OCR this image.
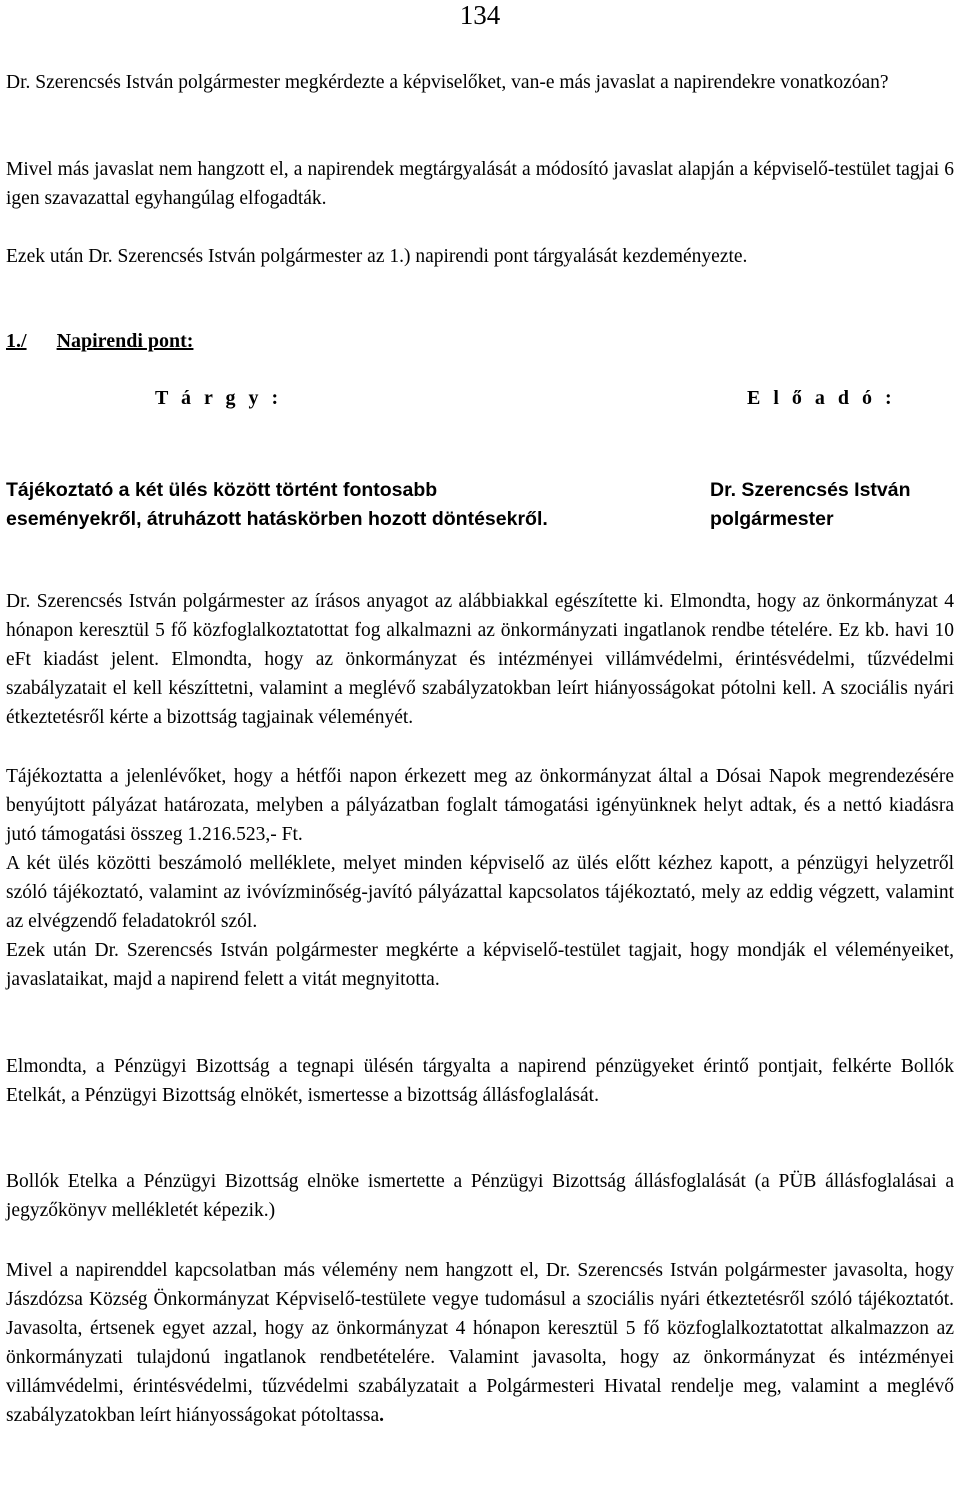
134

Dr. Szerencsés István polgármester megkérdezte a képviselőket, van-e más javaslat a napirendekre vonatkozóan?

Mivel más javaslat nem hangzott el, a napirendek megtárgyalását a módosító javaslat alapján a képviselő-testület tagjai 6 igen szavazattal egyhangúlag elfogadták.

Ezek után Dr. Szerencsés István polgármester az 1.) napirendi pont tárgyalását kezdeményezte.

1./ Napirendi pont:
T á r g y :	E l ő a d ó :
Tájékoztató a két ülés között történt fontosabb
eseményekről, átruházott hatáskörben hozott döntésekről.
Dr. Szerencsés István
polgármester

Dr. Szerencsés István polgármester az írásos anyagot az alábbiakkal egészítette ki. Elmondta, hogy az önkormányzat 4 hónapon keresztül 5 fő közfoglalkoztatottat fog alkalmazni az önkormányzati ingatlanok rendbe tételére. Ez kb. havi 10 eFt kiadást jelent. Elmondta, hogy az önkormányzat és intézményei villámvédelmi, érintésvédelmi, tűzvédelmi szabályzatait el kell készíttetni, valamint a meglévő szabályzatokban leírt hiányosságokat pótolni kell. A szociális nyári étkeztetésről kérte a bizottság tagjainak véleményét.

Tájékoztatta a jelenlévőket, hogy a hétfői napon érkezett meg az önkormányzat által a Dósai Napok megrendezésére benyújtott pályázat határozata, melyben a pályázatban foglalt támogatási igényünknek helyt adtak, és a nettó kiadásra jutó támogatási összeg 1.216.523,- Ft.

A két ülés közötti beszámoló melléklete, melyet minden képviselő az ülés előtt kézhez kapott, a pénzügyi helyzetről szóló tájékoztató, valamint az ivóvízminőség-javító pályázattal kapcsolatos tájékoztató, mely az eddig végzett, valamint az elvégzendő feladatokról szól.

Ezek után Dr. Szerencsés István polgármester megkérte a képviselő-testület tagjait, hogy mondják el véleményeiket, javaslataikat, majd a napirend felett a vitát megnyitotta.

Elmondta, a Pénzügyi Bizottság a tegnapi ülésén tárgyalta a napirend pénzügyeket érintő pontjait, felkérte Bollók Etelkát, a Pénzügyi Bizottság elnökét, ismertesse a bizottság állásfoglalását.

Bollók Etelka a Pénzügyi Bizottság elnöke ismertette a Pénzügyi Bizottság állásfoglalását (a PÜB állásfoglalásai a jegyzőkönyv mellékletét képezik.)

Mivel a napirenddel kapcsolatban más vélemény nem hangzott el, Dr. Szerencsés István polgármester javasolta, hogy Jászdózsa Község Önkormányzat Képviselő-testülete vegye tudomásul a szociális nyári étkeztetésről szóló tájékoztatót. Javasolta, értsenek egyet azzal, hogy az önkormányzat 4 hónapon keresztül 5 fő közfoglalkoztatottat alkalmazzon az önkormányzati tulajdonú ingatlanok rendbetételére. Valamint javasolta, hogy az önkormányzat és intézményei villámvédelmi, érintésvédelmi, tűzvédelmi szabályzatait a Polgármesteri Hivatal rendelje meg, valamint a meglévő szabályzatokban leírt hiányosságokat pótoltassa.
